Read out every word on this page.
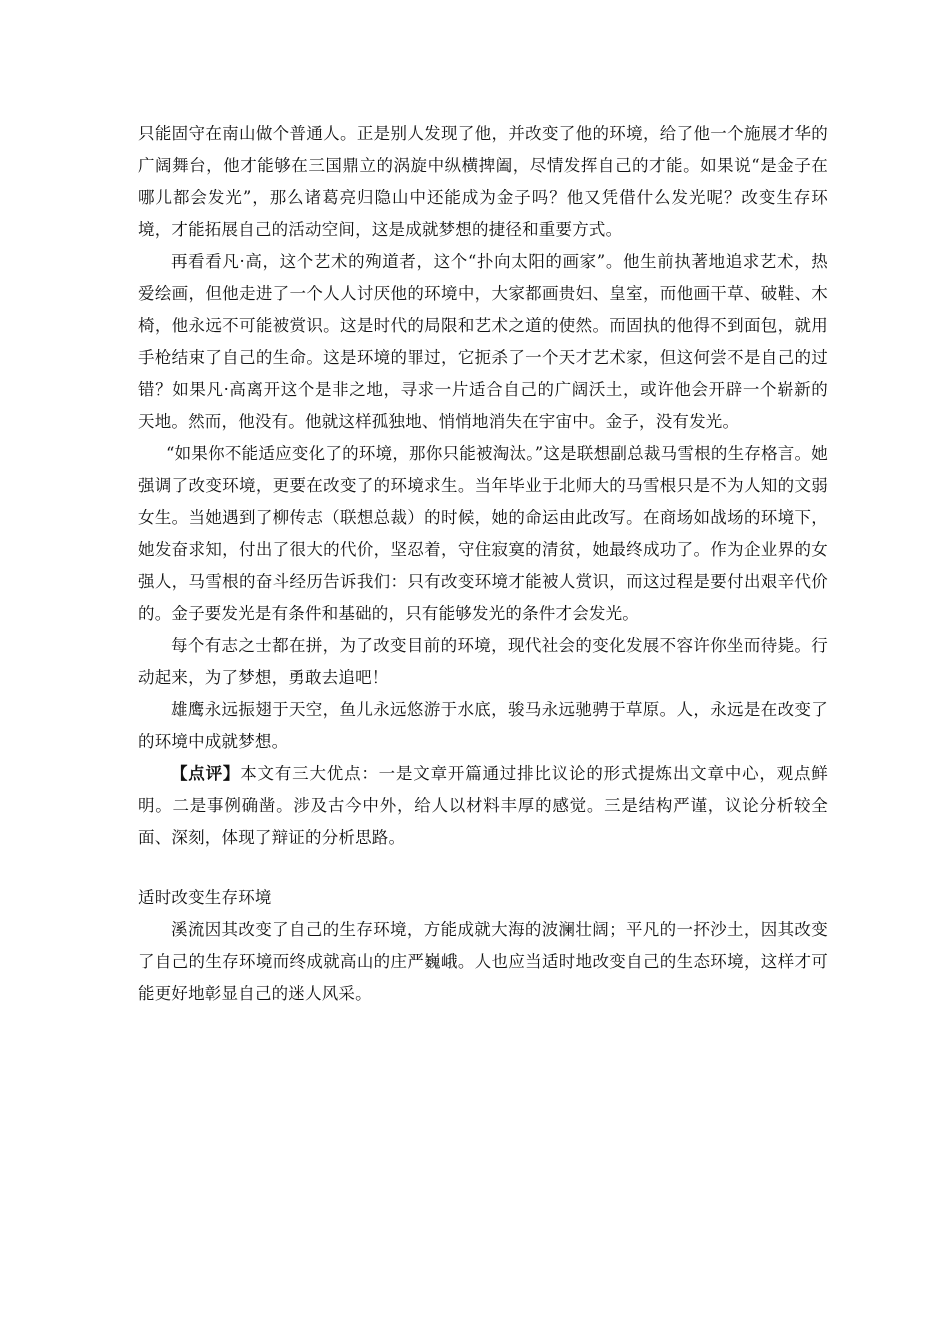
只能固守在南山做个普通人。正是别人发现了他，并改变了他的环境，给了他一个施展才华的广阔舞台，他才能够在三国鼎立的涡旋中纵横捭阖，尽情发挥自己的才能。如果说“是金子在哪儿都会发光”，那么诸葛亮归隐山中还能成为金子吗？他又凭借什么发光呢？改变生存环境，才能拓展自己的活动空间，这是成就梦想的捷径和重要方式。

再看看凡·高，这个艺术的殉道者，这个“扑向太阳的画家”。他生前执著地追求艺术，热爱绘画，但他走进了一个人人讨厌他的环境中，大家都画贵妇、皇室，而他画干草、破鞋、木椅，他永远不可能被赏识。这是时代的局限和艺术之道的使然。而固执的他得不到面包，就用手枪结束了自己的生命。这是环境的罪过，它扼杀了一个天才艺术家，但这何尝不是自己的过错？如果凡·高离开这个是非之地，寻求一片适合自己的广阔沃土，或许他会开辟一个崭新的天地。然而，他没有。他就这样孤独地、悄悄地消失在宇宙中。金子，没有发光。

“如果你不能适应变化了的环境，那你只能被淘汰。”这是联想副总裁马雪根的生存格言。她强调了改变环境，更要在改变了的环境求生。当年毕业于北师大的马雪根只是不为人知的文弱女生。当她遇到了柳传志（联想总裁）的时候，她的命运由此改写。在商场如战场的环境下，她发奋求知，付出了很大的代价，坚忍着，守住寂寞的清贫，她最终成功了。作为企业界的女强人，马雪根的奋斗经历告诉我们：只有改变环境才能被人赏识，而这过程是要付出艰辛代价的。金子要发光是有条件和基础的，只有能够发光的条件才会发光。

每个有志之士都在拼，为了改变目前的环境，现代社会的变化发展不容许你坐而待毙。行动起来，为了梦想，勇敢去追吧！

雄鹰永远振翅于天空，鱼儿永远悠游于水底，骏马永远驰骋于草原。人，永远是在改变了的环境中成就梦想。

【点评】本文有三大优点：一是文章开篇通过排比议论的形式提炼出文章中心，观点鲜明。二是事例确凿。涉及古今中外，给人以材料丰厚的感觉。三是结构严谨，议论分析较全面、深刻，体现了辩证的分析思路。

适时改变生存环境

溪流因其改变了自己的生存环境，方能成就大海的波澜壮阔；平凡的一抔沙土，因其改变了自己的生存环境而终成就高山的庄严巍峨。人也应当适时地改变自己的生态环境，这样才可能更好地彰显自己的迷人风采。
